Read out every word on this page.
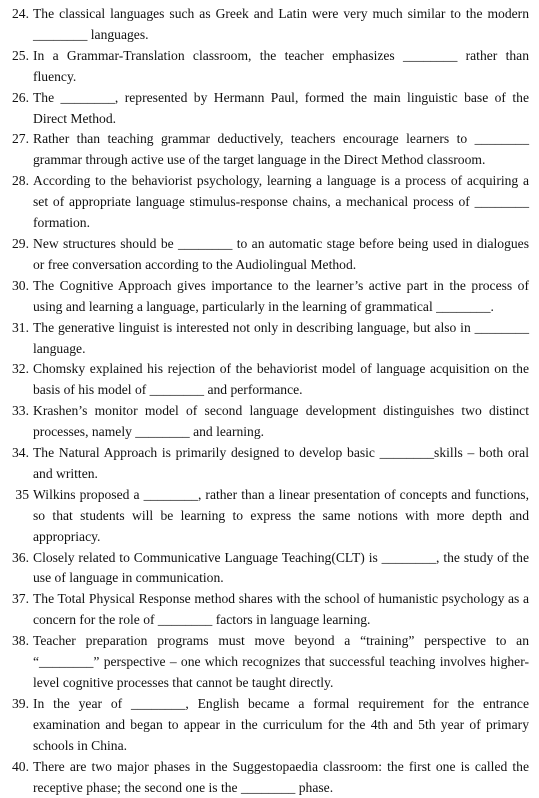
24. The classical languages such as Greek and Latin were very much similar to the modern ________ languages.
25. In a Grammar-Translation classroom, the teacher emphasizes ________ rather than fluency.
26. The ________, represented by Hermann Paul, formed the main linguistic base of the Direct Method.
27. Rather than teaching grammar deductively, teachers encourage learners to ________ grammar through active use of the target language in the Direct Method classroom.
28. According to the behaviorist psychology, learning a language is a process of acquiring a set of appropriate language stimulus-response chains, a mechanical process of ________ formation.
29. New structures should be ________ to an automatic stage before being used in dialogues or free conversation according to the Audiolingual Method.
30. The Cognitive Approach gives importance to the learner’s active part in the process of using and learning a language, particularly in the learning of grammatical ________.
31. The generative linguist is interested not only in describing language, but also in ________ language.
32. Chomsky explained his rejection of the behaviorist model of language acquisition on the basis of his model of ________ and performance.
33. Krashen’s monitor model of second language development distinguishes two distinct processes, namely ________ and learning.
34. The Natural Approach is primarily designed to develop basic ________skills – both oral and written.
35 Wilkins proposed a ________, rather than a linear presentation of concepts and functions, so that students will be learning to express the same notions with more depth and appropriacy.
36. Closely related to Communicative Language Teaching(CLT) is ________, the study of the use of language in communication.
37. The Total Physical Response method shares with the school of humanistic psychology as a concern for the role of ________ factors in language learning.
38. Teacher preparation programs must move beyond a “training” perspective to an “________” perspective – one which recognizes that successful teaching involves higher-level cognitive processes that cannot be taught directly.
39. In the year of ________, English became a formal requirement for the entrance examination and began to appear in the curriculum for the 4th and 5th year of primary schools in China.
40. There are two major phases in the Suggestopaedia classroom: the first one is called the receptive phase; the second one is the ________ phase.
